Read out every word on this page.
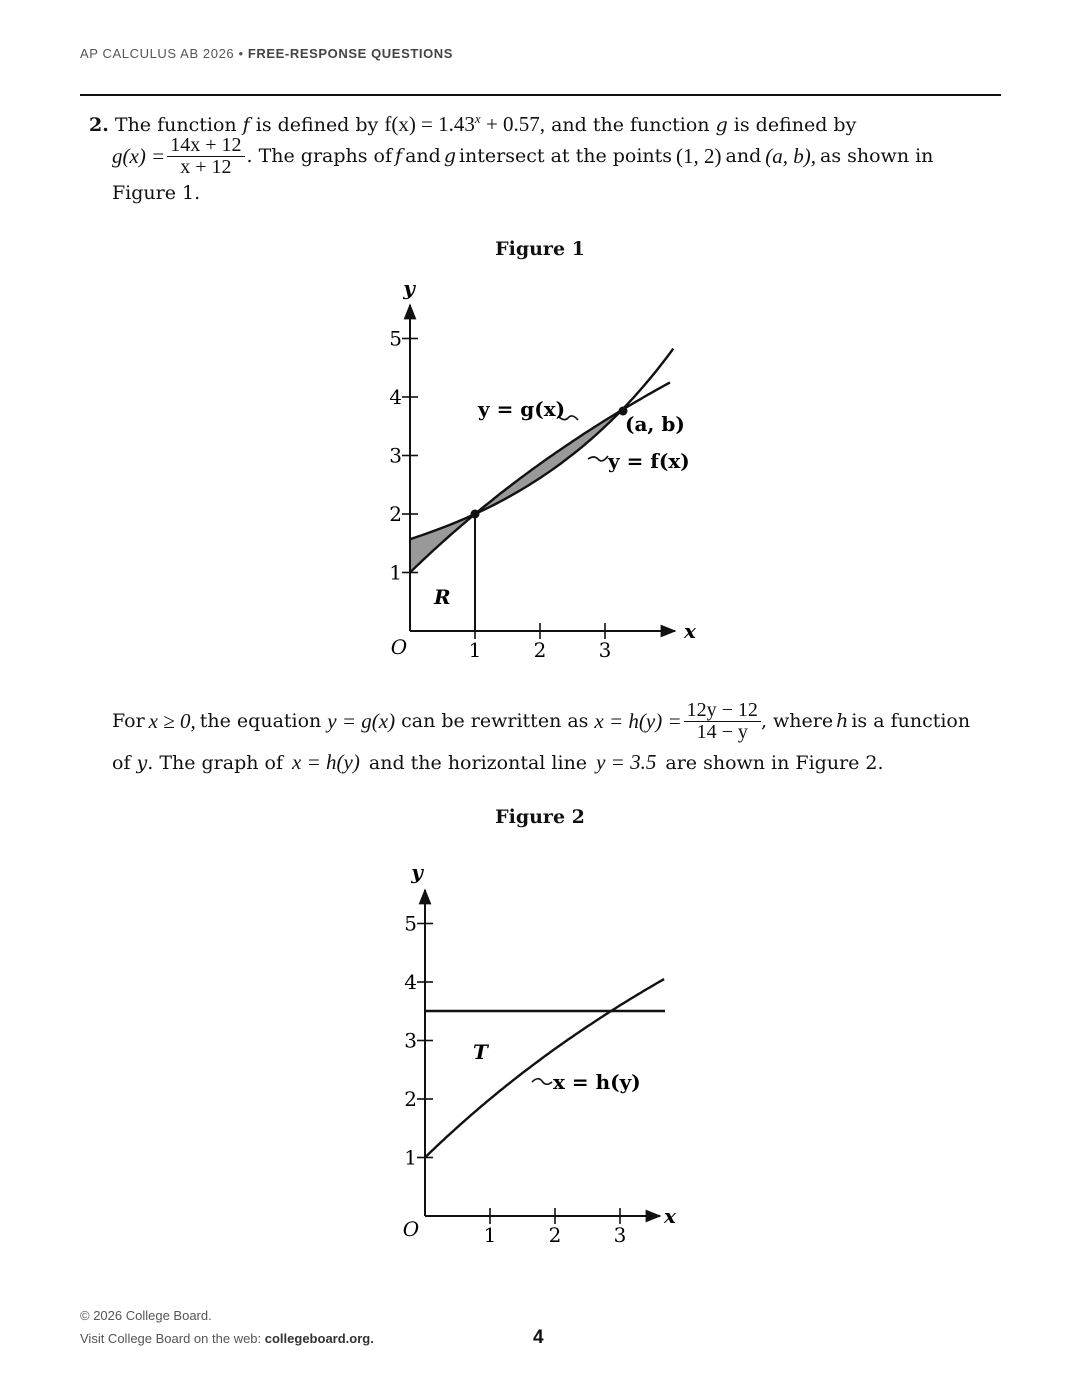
AP CALCULUS AB 2026 • FREE-RESPONSE QUESTIONS
2. The function f is defined by $f(x) = 1.43^x + 0.57$, and the function g is defined by
$g(x) = \frac{14x + 12}{x + 12}$ . The graphs of f and g intersect at the points (1, 2) and (a, b), as shown in
Figure 1.
Figure 1
1	2	3
1
2
3
4
5
y
x
O
y = g(x)
y = f(x)
(a, b)
R
For x ≥ 0, the equation y = g(x) can be rewritten as $x = h(y) = \frac{12y - 12}{14 - y}$ , where h is a function
of y. The graph of x = h(y) and the horizontal line y = 3.5 are shown in Figure 2.
Figure 2
1	2	3
1
2
3
4
5
y
x
O
x = h(y)
T
© 2026 College Board.
Visit College Board on the web: collegeboard.org.	4
